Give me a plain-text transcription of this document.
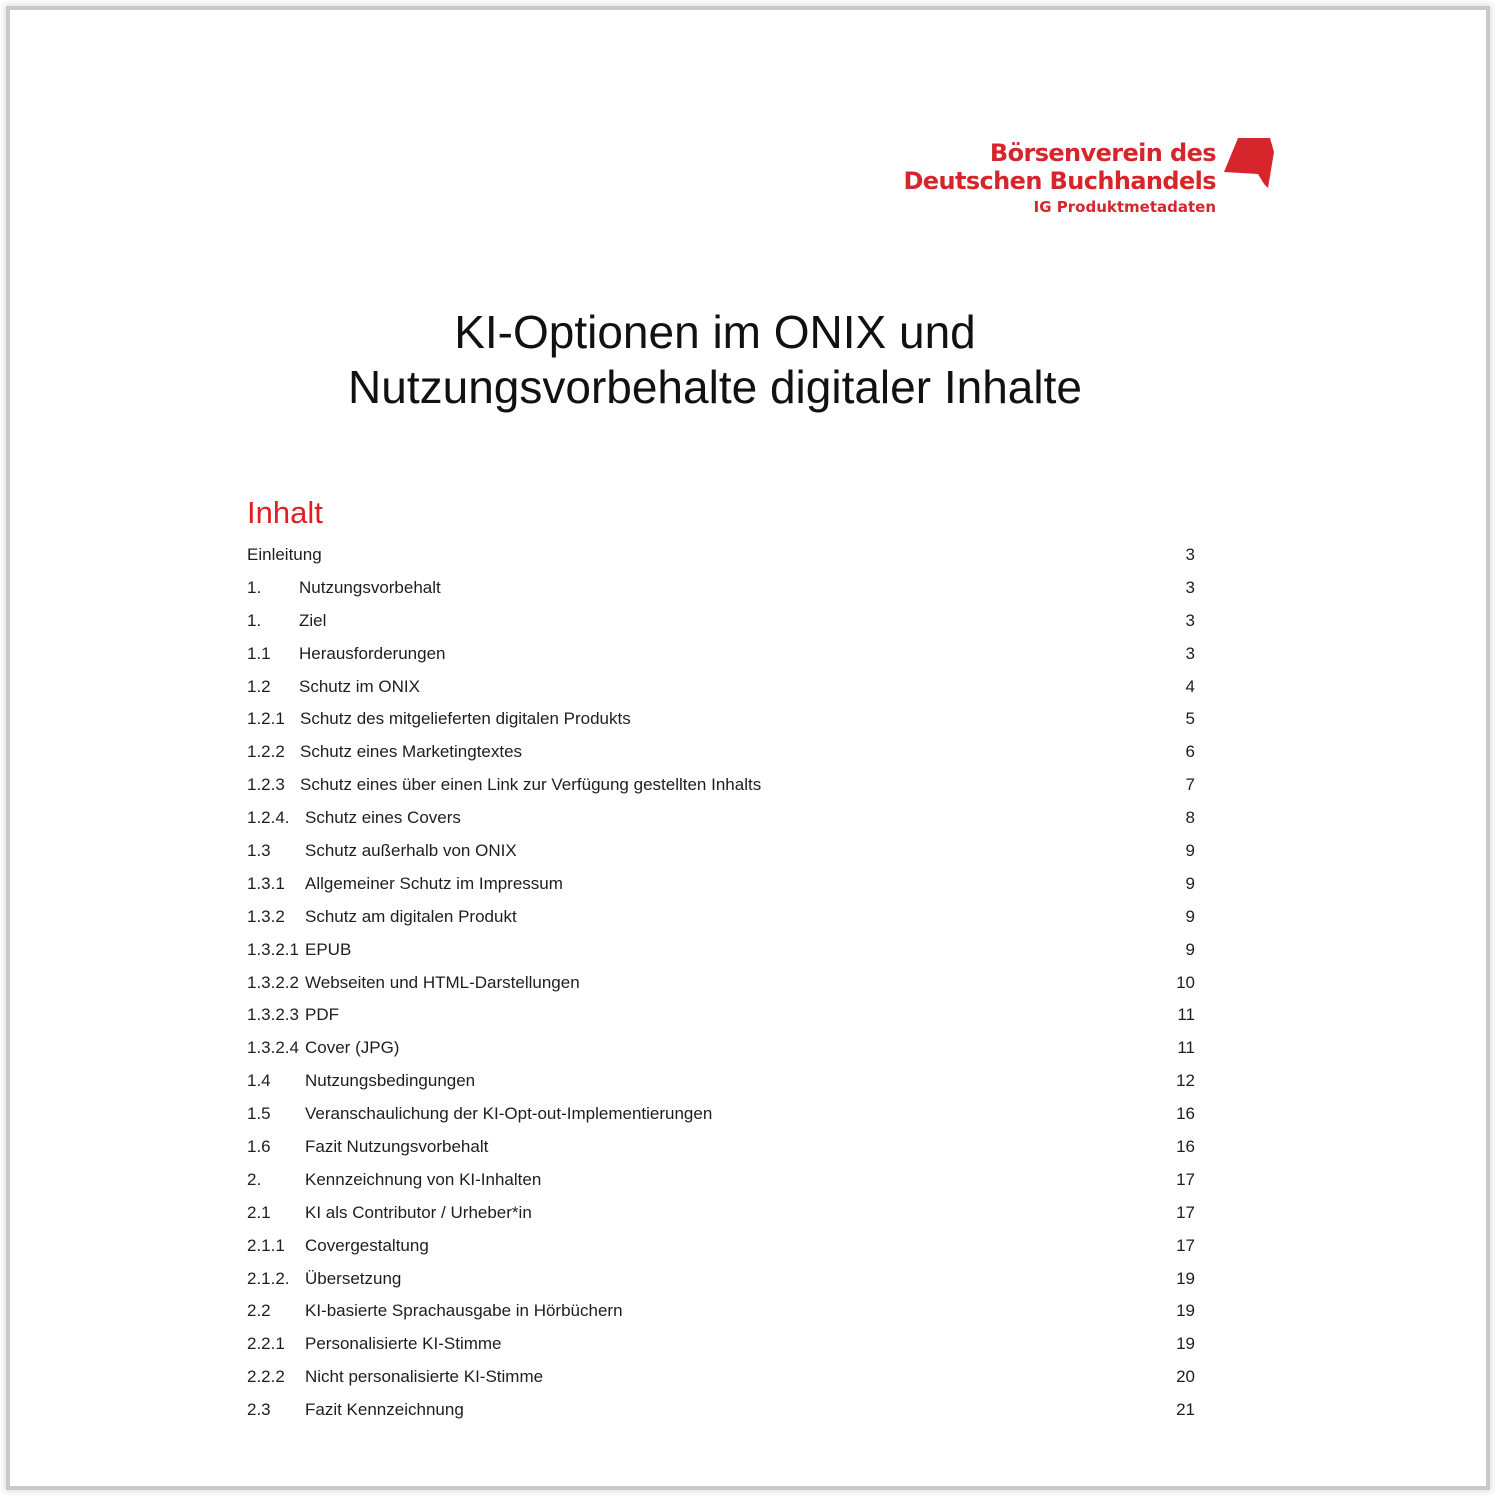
Börsenverein des
Deutschen Buchhandels
IG Produktmetadaten
KI-Optionen im ONIX und
Nutzungsvorbehalte digitaler Inhalte
Inhalt
Einleitung	3
1. Nutzungsvorbehalt	3
1. Ziel	3
1.1 Herausforderungen	3
1.2 Schutz im ONIX	4
1.2.1 Schutz des mitgelieferten digitalen Produkts	5
1.2.2 Schutz eines Marketingtextes	6
1.2.3 Schutz eines über einen Link zur Verfügung gestellten Inhalts	7
1.2.4. Schutz eines Covers	8
1.3 Schutz außerhalb von ONIX	9
1.3.1 Allgemeiner Schutz im Impressum	9
1.3.2 Schutz am digitalen Produkt	9
1.3.2.1 EPUB	9
1.3.2.2 Webseiten und HTML-Darstellungen	10
1.3.2.3 PDF	11
1.3.2.4 Cover (JPG)	11
1.4 Nutzungsbedingungen	12
1.5 Veranschaulichung der KI-Opt-out-Implementierungen	16
1.6 Fazit Nutzungsvorbehalt	16
2.	Kennzeichnung von KI-Inhalten	17
2.1 KI als Contributor / Urheber*in	17
2.1.1 Covergestaltung	17
2.1.2. Übersetzung	19
2.2 KI-basierte Sprachausgabe in Hörbüchern	19
2.2.1 Personalisierte KI-Stimme	19
2.2.2 Nicht personalisierte KI-Stimme	20
2.3 Fazit Kennzeichnung	21
